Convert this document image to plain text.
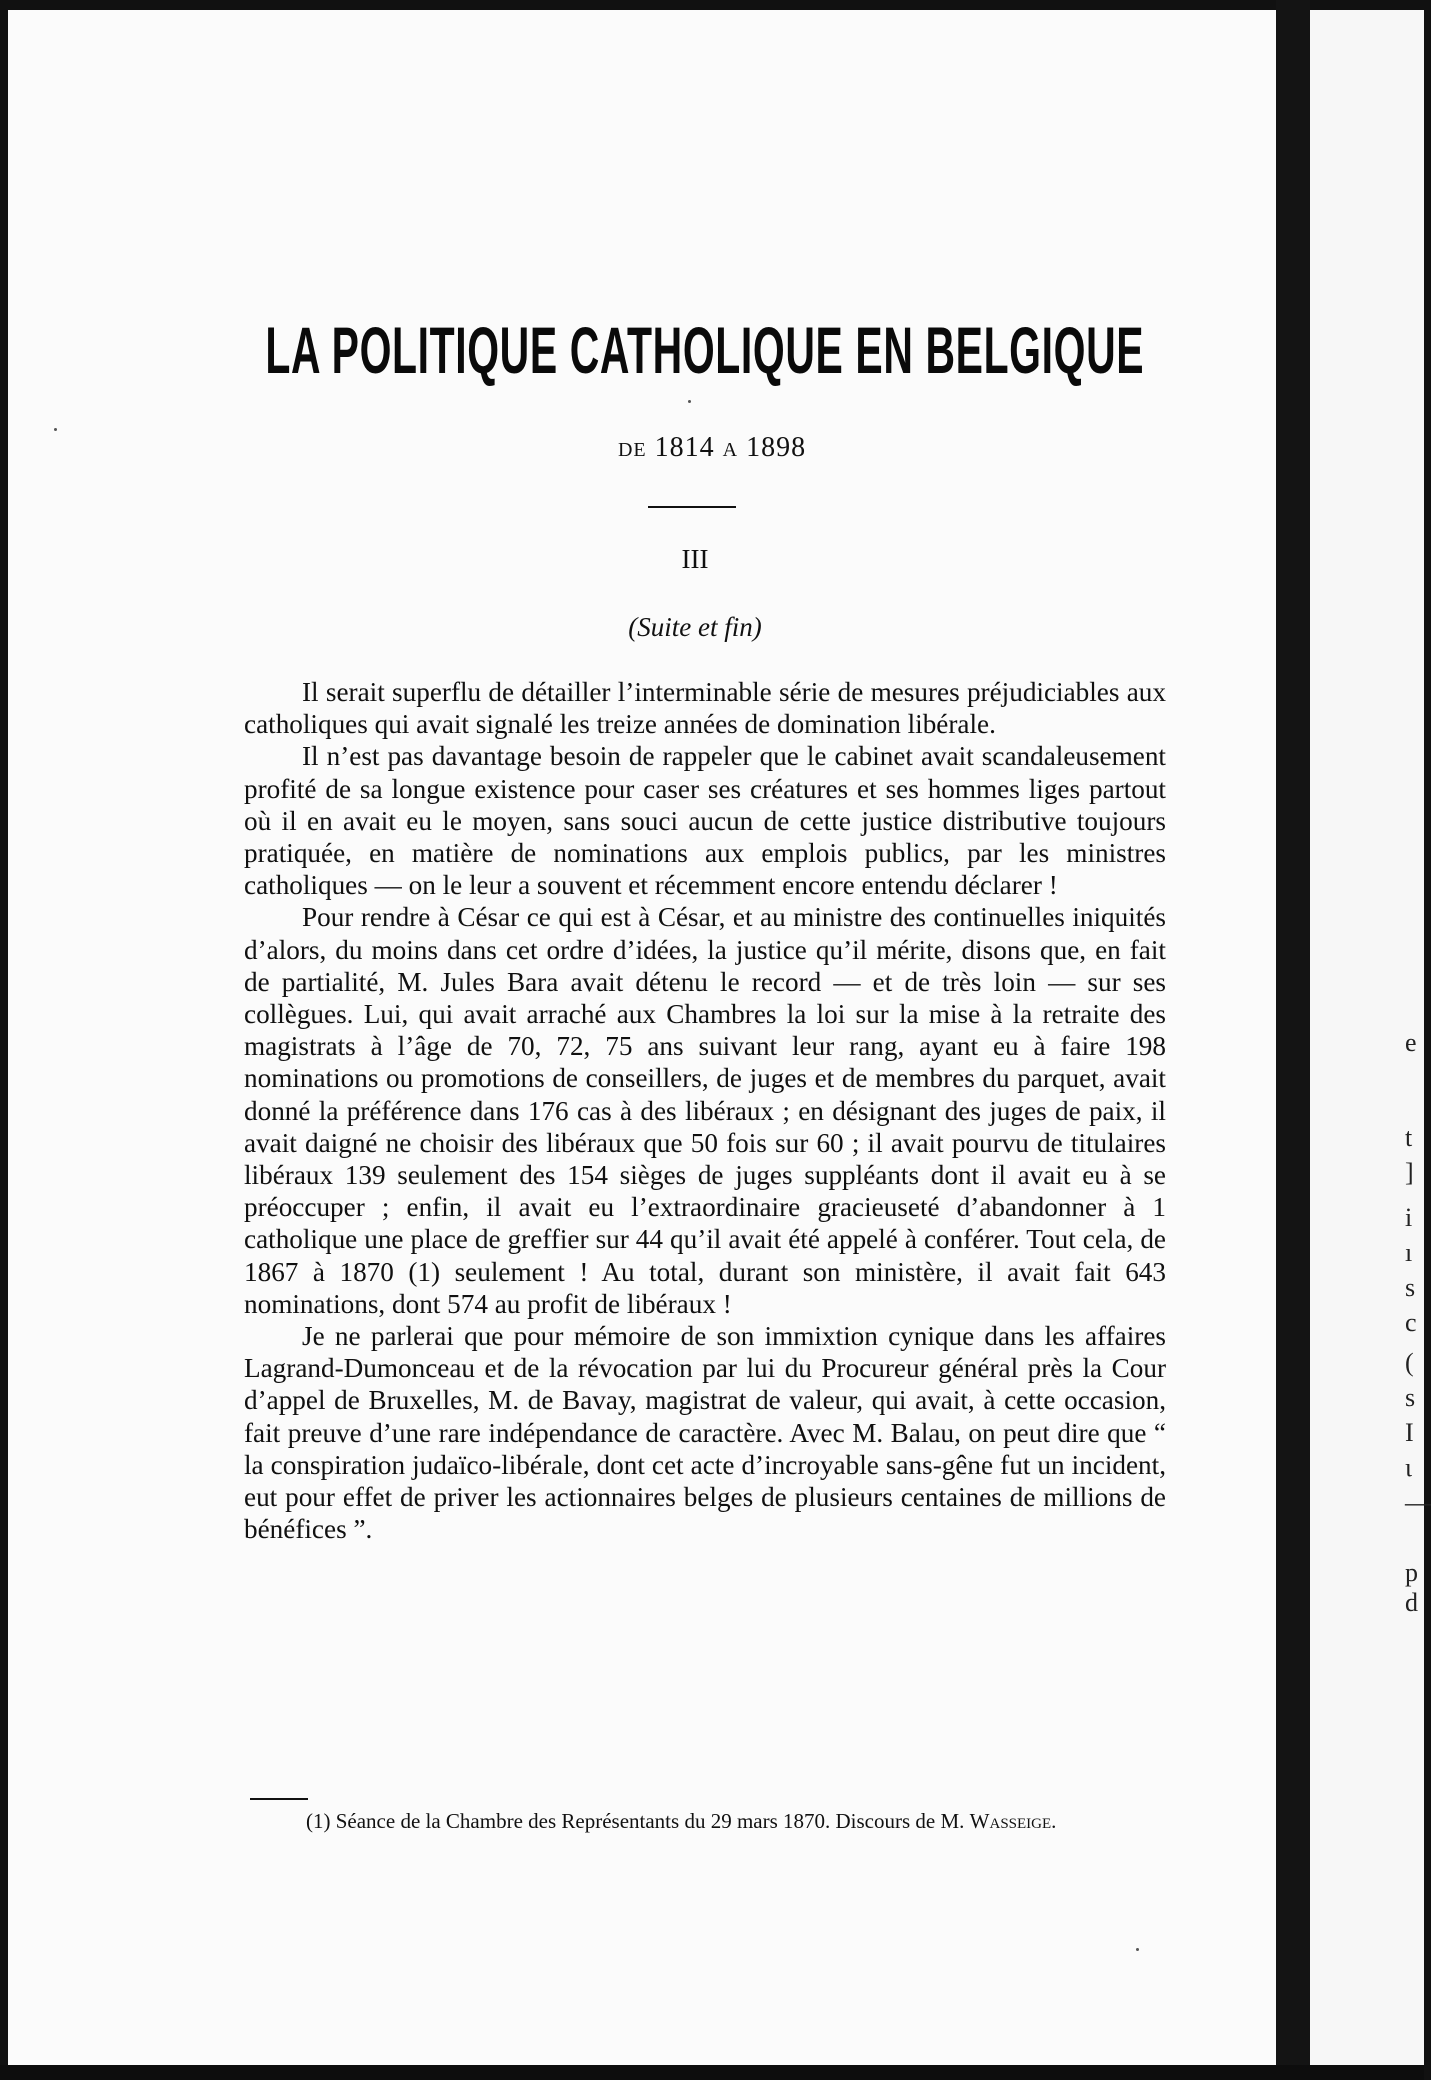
e
t
]
i
ı
s
c
(
s
I
ι
—
p
d
LA POLITIQUE CATHOLIQUE EN BELGIQUE
de 1814 a 1898
III
(Suite et fin)

Il serait superflu de détailler l’interminable série de mesures préjudiciables aux catholiques qui avait signalé les treize années de domination libérale.

Il n’est pas davantage besoin de rappeler que le cabinet avait scandaleusement profité de sa longue existence pour caser ses créatures et ses hommes liges partout où il en avait eu le moyen, sans souci aucun de cette justice distributive toujours pratiquée, en matière de nominations aux emplois publics, par les ministres catholiques — on le leur a souvent et récemment encore entendu déclarer !

Pour rendre à César ce qui est à César, et au ministre des continuelles iniquités d’alors, du moins dans cet ordre d’idées, la justice qu’il mérite, disons que, en fait de partialité, M. Jules Bara avait détenu le record — et de très loin — sur ses collègues. Lui, qui avait arraché aux Chambres la loi sur la mise à la retraite des magistrats à l’âge de 70, 72, 75 ans suivant leur rang, ayant eu à faire 198 nominations ou promotions de conseillers, de juges et de membres du parquet, avait donné la préférence dans 176 cas à des libéraux ; en désignant des juges de paix, il avait daigné ne choisir des libéraux que 50 fois sur 60 ; il avait pourvu de titulaires libéraux 139 seulement des 154 sièges de juges suppléants dont il avait eu à se préoccuper ; enfin, il avait eu l’extraordinaire gracieuseté d’abandonner à 1 catholique une place de greffier sur 44 qu’il avait été appelé à conférer. Tout cela, de 1867 à 1870 (1) seulement ! Au total, durant son ministère, il avait fait 643 nominations, dont 574 au profit de libéraux !

Je ne parlerai que pour mémoire de son immixtion cynique dans les affaires Lagrand-Dumonceau et de la révocation par lui du Procureur général près la Cour d’appel de Bruxelles, M. de Bavay, magistrat de valeur, qui avait, à cette occasion, fait preuve d’une rare indépendance de caractère. Avec M. Balau, on peut dire que “ la conspiration judaïco-libérale, dont cet acte d’incroyable sans-gêne fut un incident, eut pour effet de priver les actionnaires belges de plusieurs centaines de millions de bénéfices ”.

(1) Séance de la Chambre des Représentants du 29 mars 1870. Discours de M. Wasseige.
